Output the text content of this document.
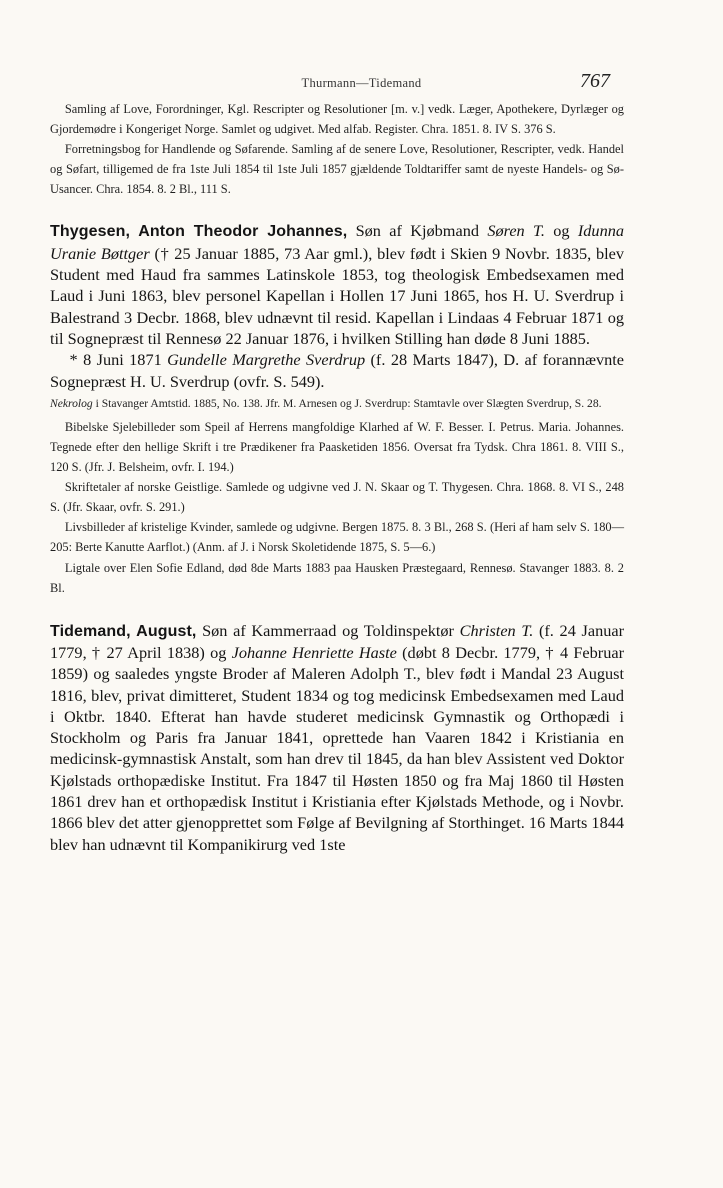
Thurmann—Tidemand	767

Samling af Love, Forordninger, Kgl. Rescripter og Resolutioner [m. v.] vedk. Læger, Apothekere, Dyrlæger og Gjordemødre i Kongeriget Norge. Samlet og udgivet. Med alfab. Register. Chra. 1851. 8. IV S. 376 S.

Forretningsbog for Handlende og Søfarende. Samling af de senere Love, Resolutioner, Rescripter, vedk. Handel og Søfart, tilligemed de fra 1ste Juli 1854 til 1ste Juli 1857 gjældende Toldtariffer samt de nyeste Handels- og Sø-Usancer. Chra. 1854. 8. 2 Bl., 111 S.

Thygesen, Anton Theodor Johannes, Søn af Kjøbmand Søren T. og Idunna Uranie Bøttger († 25 Januar 1885, 73 Aar gml.), blev født i Skien 9 Novbr. 1835, blev Student med Haud fra sammes Latinskole 1853, tog theologisk Embedsexamen med Laud i Juni 1863, blev personel Kapellan i Hollen 17 Juni 1865, hos H. U. Sverdrup i Balestrand 3 Decbr. 1868, blev udnævnt til resid. Kapellan i Lindaas 4 Februar 1871 og til Sognepræst til Rennesø 22 Januar 1876, i hvilken Stilling han døde 8 Juni 1885.

* 8 Juni 1871 Gundelle Margrethe Sverdrup (f. 28 Marts 1847), D. af forannævnte Sognepræst H. U. Sverdrup (ovfr. S. 549).

Nekrolog i Stavanger Amtstid. 1885, No. 138. Jfr. M. Arnesen og J. Sverdrup: Stamtavle over Slægten Sverdrup, S. 28.

Bibelske Sjelebilleder som Speil af Herrens mangfoldige Klarhed af W. F. Besser. I. Petrus. Maria. Johannes. Tegnede efter den hellige Skrift i tre Prædikener fra Paasketiden 1856. Oversat fra Tydsk. Chra 1861. 8. VIII S., 120 S. (Jfr. J. Belsheim, ovfr. I. 194.)

Skriftetaler af norske Geistlige. Samlede og udgivne ved J. N. Skaar og T. Thygesen. Chra. 1868. 8. VI S., 248 S. (Jfr. Skaar, ovfr. S. 291.)

Livsbilleder af kristelige Kvinder, samlede og udgivne. Bergen 1875. 8. 3 Bl., 268 S. (Heri af ham selv S. 180—205: Berte Kanutte Aarflot.) (Anm. af J. i Norsk Skoletidende 1875, S. 5—6.)

Ligtale over Elen Sofie Edland, død 8de Marts 1883 paa Hausken Præstegaard, Rennesø. Stavanger 1883. 8. 2 Bl.

Tidemand, August, Søn af Kammerraad og Toldinspektør Christen T. (f. 24 Januar 1779, † 27 April 1838) og Johanne Henriette Haste (døbt 8 Decbr. 1779, † 4 Februar 1859) og saaledes yngste Broder af Maleren Adolph T., blev født i Mandal 23 August 1816, blev, privat dimitteret, Student 1834 og tog medicinsk Embedsexamen med Laud i Oktbr. 1840. Efterat han havde studeret medicinsk Gymnastik og Orthopædi i Stockholm og Paris fra Januar 1841, oprettede han Vaaren 1842 i Kristiania en medicinsk-gymnastisk Anstalt, som han drev til 1845, da han blev Assistent ved Doktor Kjølstads orthopædiske Institut. Fra 1847 til Høsten 1850 og fra Maj 1860 til Høsten 1861 drev han et orthopædisk Institut i Kristiania efter Kjølstads Methode, og i Novbr. 1866 blev det atter gjenopprettet som Følge af Bevilgning af Storthinget. 16 Marts 1844 blev han udnævnt til Kompanikirurg ved 1ste
